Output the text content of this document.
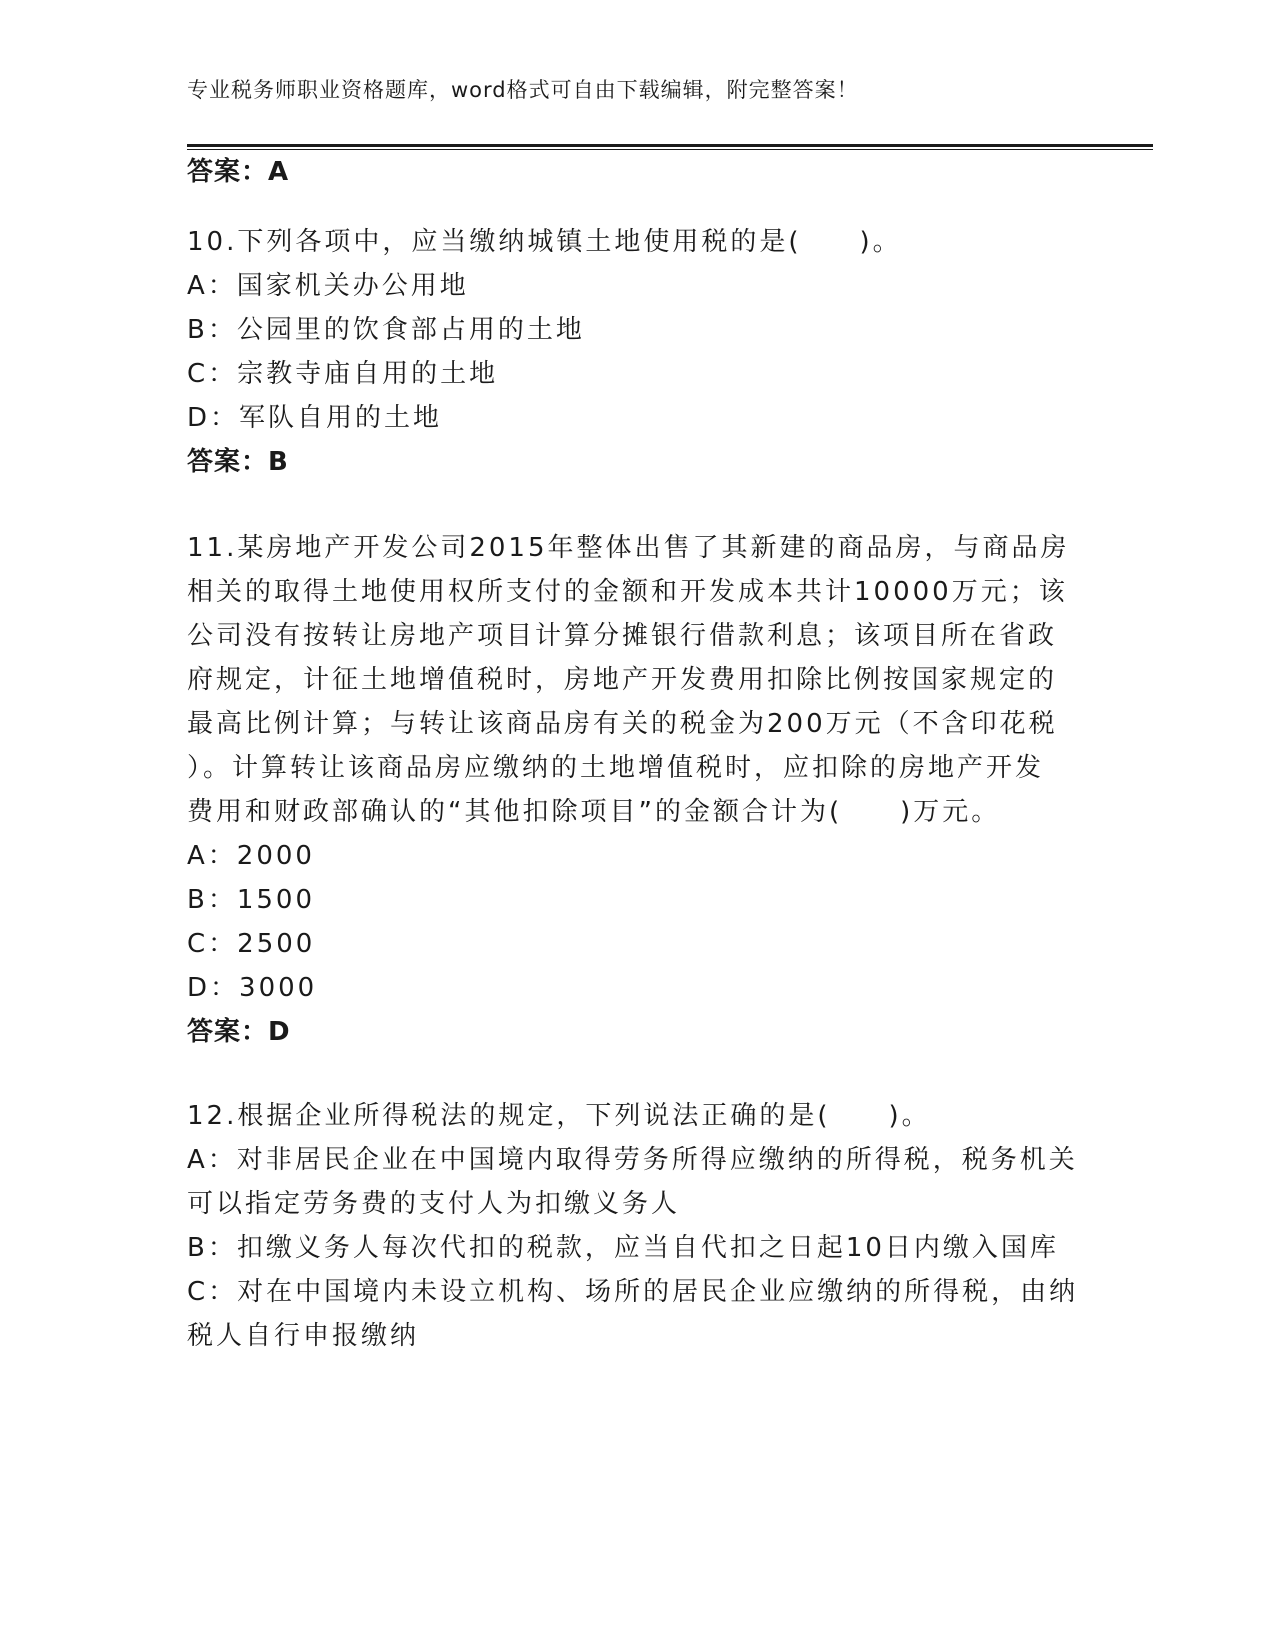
专业税务师职业资格题库，word格式可自由下载编辑，附完整答案！
答案：A
10.下列各项中，应当缴纳城镇土地使用税的是(　　)。
A：国家机关办公用地
B：公园里的饮食部占用的土地
C：宗教寺庙自用的土地
D：军队自用的土地
答案：B
11.某房地产开发公司2015年整体出售了其新建的商品房，与商品房
相关的取得土地使用权所支付的金额和开发成本共计10000万元；该
公司没有按转让房地产项目计算分摊银行借款利息；该项目所在省政
府规定，计征土地增值税时，房地产开发费用扣除比例按国家规定的
最高比例计算；与转让该商品房有关的税金为200万元（不含印花税
）。计算转让该商品房应缴纳的土地增值税时，应扣除的房地产开发
费用和财政部确认的“其他扣除项目”的金额合计为(　　)万元。
A：2000
B：1500
C：2500
D：3000
答案：D
12.根据企业所得税法的规定，下列说法正确的是(　　)。
A：对非居民企业在中国境内取得劳务所得应缴纳的所得税，税务机关
可以指定劳务费的支付人为扣缴义务人
B：扣缴义务人每次代扣的税款，应当自代扣之日起10日内缴入国库
C：对在中国境内未设立机构、场所的居民企业应缴纳的所得税，由纳
税人自行申报缴纳
